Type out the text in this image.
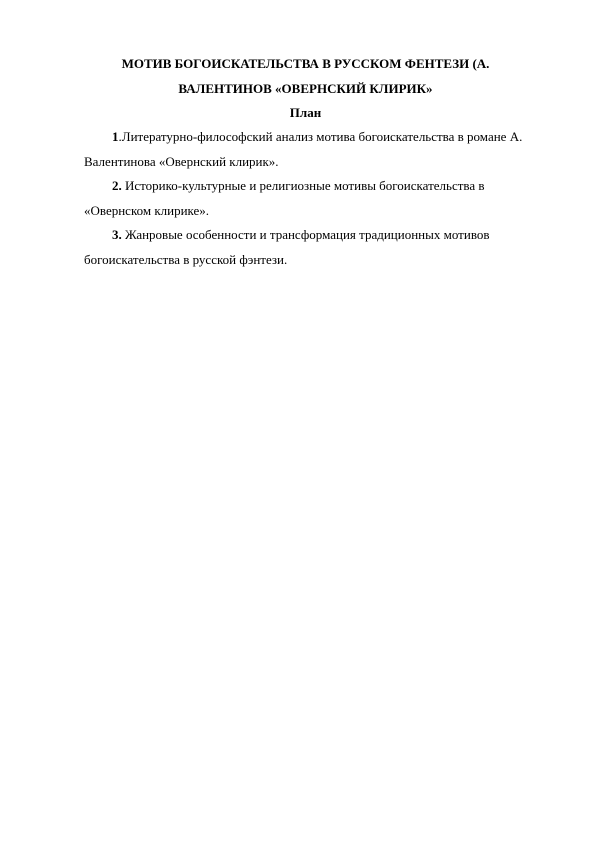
МОТИВ БОГОИСКАТЕЛЬСТВА В РУССКОМ ФЕНТЕЗИ (А. ВАЛЕНТИНОВ «ОВЕРНСКИЙ КЛИРИК»

План

1.Литературно-философский анализ мотива богоискательства в романе А. Валентинова «Овернский клирик».

2. Историко-культурные и религиозные мотивы богоискательства в «Овернском клирике».

3. Жанровые особенности и трансформация традиционных мотивов богоискательства в русской фэнтези.
